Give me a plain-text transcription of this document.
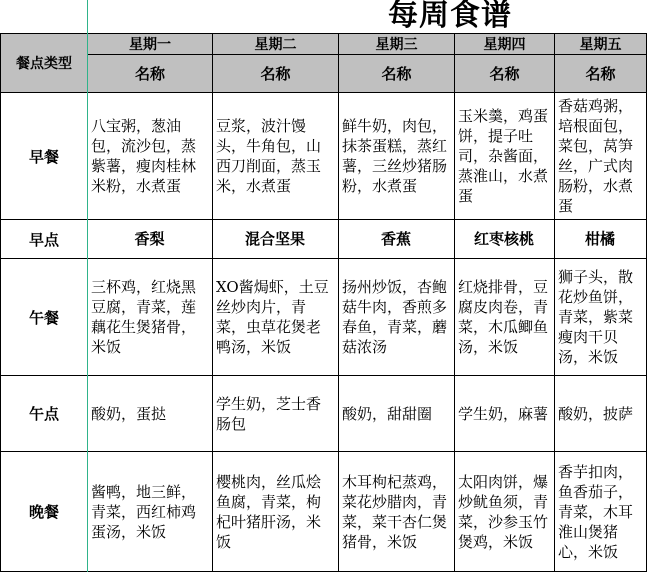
每周食谱
餐点类型	星期一	星期二	星期三	星期四	星期五
	名称	名称	名称	名称	名称
早餐	八宝粥，葱油包，流沙包，蒸紫薯，瘦肉桂林米粉，水煮蛋	豆浆，波汁馒头，牛角包，山西刀削面，蒸玉米，水煮蛋	鲜牛奶，肉包，抹茶蛋糕，蒸红薯，三丝炒猪肠粉，水煮蛋	玉米羹，鸡蛋饼，提子吐司，杂酱面，蒸淮山，水煮蛋	香菇鸡粥，培根面包，菜包，莴笋丝，广式肉肠粉，水煮蛋
早点	香梨	混合坚果	香蕉	红枣核桃	柑橘
午餐	三杯鸡，红烧黑豆腐，青菜，莲藕花生煲猪骨，米饭	XO酱焗虾，土豆丝炒肉片，青菜，虫草花煲老鸭汤，米饭	扬州炒饭，杏鲍菇牛肉，香煎多春鱼，青菜，蘑菇浓汤	红烧排骨，豆腐皮肉卷，青菜，木瓜鲫鱼汤，米饭	狮子头，散花炒鱼饼，青菜，紫菜瘦肉干贝汤，米饭
午点	酸奶，蛋挞	学生奶，芝士香肠包	酸奶，甜甜圈	学生奶，麻薯	酸奶，披萨
晚餐	酱鸭，地三鲜，青菜，西红柿鸡蛋汤，米饭	樱桃肉，丝瓜烩鱼腐，青菜，枸杞叶猪肝汤，米饭	木耳枸杞蒸鸡，菜花炒腊肉，青菜，菜干杏仁煲猪骨，米饭	太阳肉饼，爆炒鱿鱼须，青菜，沙参玉竹煲鸡，米饭	香芋扣肉，鱼香茄子，青菜，木耳淮山煲猪心，米饭
